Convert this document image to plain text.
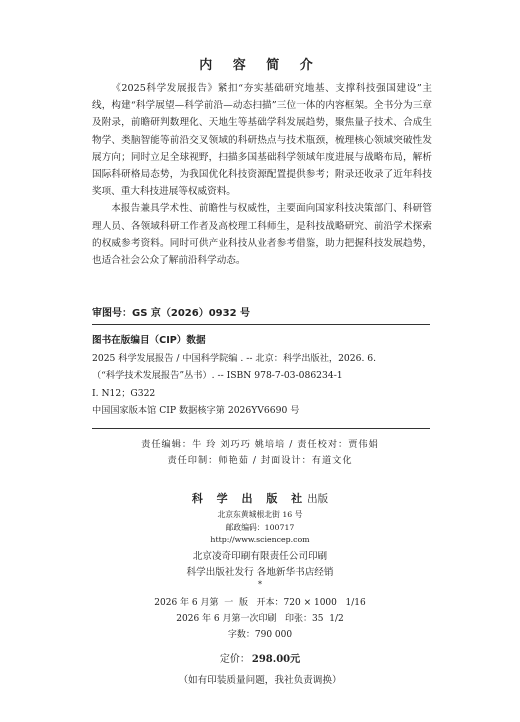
内 容 简 介

《2025科学发展报告》紧扣“夯实基础研究地基、支撑科技强国建设”主线，构建“科学展望—科学前沿—动态扫描”三位一体的内容框架。全书分为三章及附录，前瞻研判数理化、天地生等基础学科发展趋势，聚焦量子技术、合成生物学、类脑智能等前沿交叉领域的科研热点与技术瓶颈，梳理核心领域突破性发展方向；同时立足全球视野，扫描多国基础科学领域年度进展与战略布局，解析国际科研格局态势，为我国优化科技资源配置提供参考；附录还收录了近年科技奖项、重大科技进展等权威资料。

本报告兼具学术性、前瞻性与权威性，主要面向国家科技决策部门、科研管理人员、各领域科研工作者及高校理工科师生，是科技战略研究、前沿学术探索的权威参考资料。同时可供产业科技从业者参考借鉴，助力把握科技发展趋势，也适合社会公众了解前沿科学动态。

审图号：GS 京（2026）0932 号
图书在版编目（CIP）数据
2025 科学发展报告 / 中国科学院编 . -- 北京：科学出版社，2026. 6.
（“科学技术发展报告”丛书）. -- ISBN 978-7-03-086234-1
Ⅰ. N12；G322
中国国家版本馆 CIP 数据核字第 2026YV6690 号
责任编辑：牛 玲 刘巧巧 姚培培 / 责任校对：贾伟娟
责任印制：师艳茹 / 封面设计：有道文化
科 学 出 版 社出版
北京东黄城根北街 16 号
邮政编码：100717
http://www.sciencep.com
北京凌奇印刷有限责任公司印刷
科学出版社发行 各地新华书店经销
*
2026 年 6 月第  一  版   开本：720 × 1000   1/16
2026 年 6 月第一次印刷   印张：35  1/2
字数：790 000
定价： 298.00元
（如有印装质量问题，我社负责调换）
